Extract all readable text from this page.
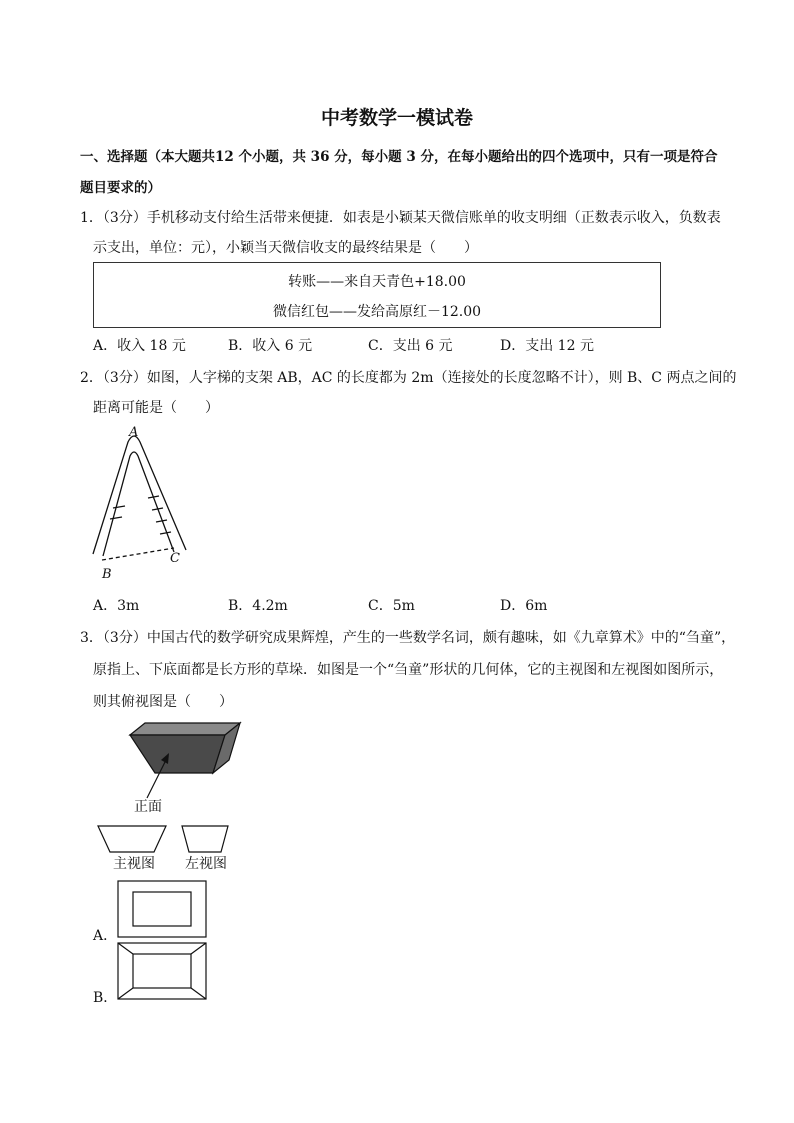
中考数学一模试卷
一、选择题（本大题共12 个小题，共 36 分，每小题 3 分，在每小题给出的四个选项中，只有一项是符合
题目要求的）
1．（3分）手机移动支付给生活带来便捷．如表是小颖某天微信账单的收支明细（正数表示收入，负数表
示支出，单位：元），小颖当天微信收支的最终结果是（　　）
转账——来自天青色+18.00
微信红包——发给高原红－12.00
A．收入 18 元	B．收入 6 元	C．支出 6 元	D．支出 12 元
2．（3分）如图，人字梯的支架 AB，AC 的长度都为 2m（连接处的长度忽略不计），则 B、C 两点之间的
距离可能是（　　）
A
B
C
A．3m	B．4.2m	C．5m	D．6m
3．（3分）中国古代的数学研究成果辉煌，产生的一些数学名词，颇有趣味，如《九章算术》中的“刍童”，
原指上、下底面都是长方形的草垛．如图是一个“刍童”形状的几何体，它的主视图和左视图如图所示，
则其俯视图是（　　）
正面
主视图 左视图
A．
B．
